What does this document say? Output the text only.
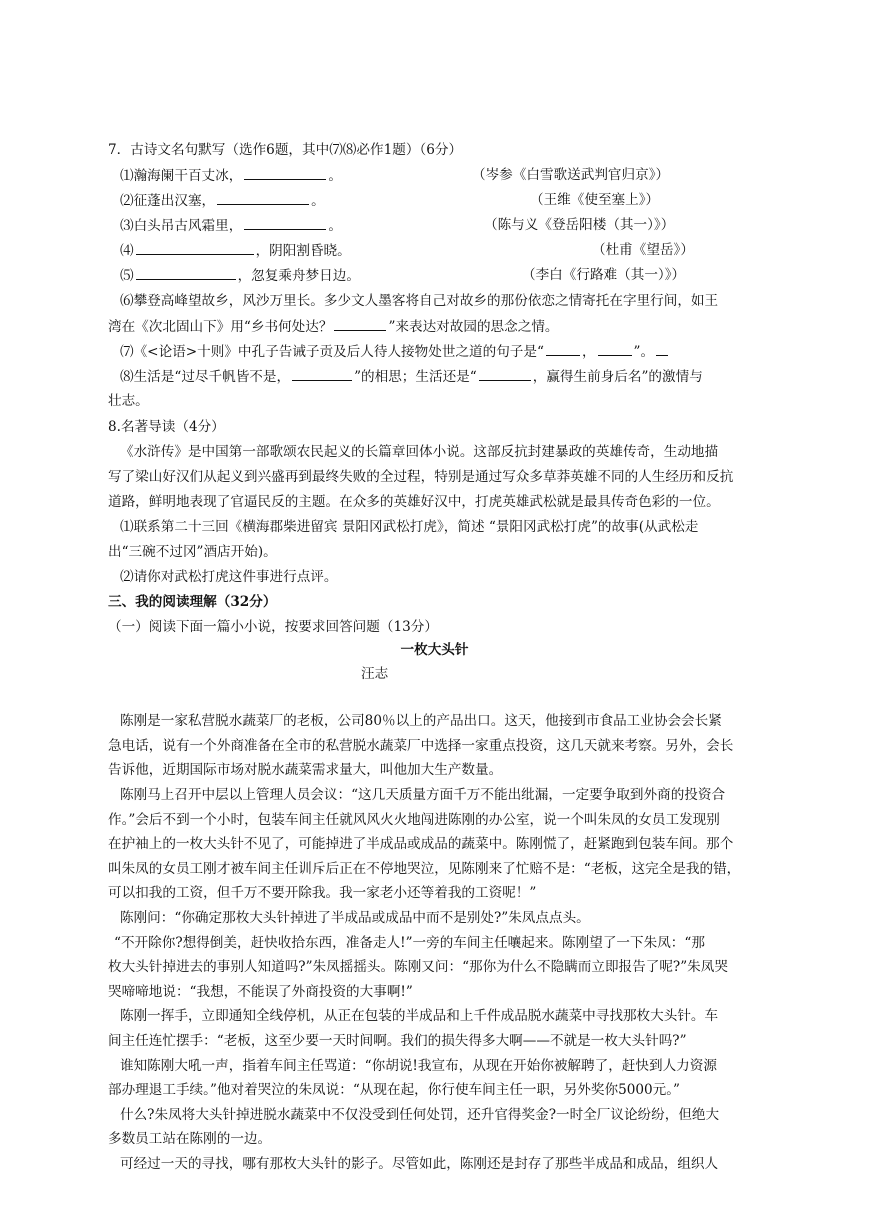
7．古诗文名句默写（选作6题，其中⑺⑻必作1题）（6分）
⑴瀚海阑干百丈冰，	。	（岑参《白雪歌送武判官归京》）
⑵征蓬出汉塞，	。	（王维《使至塞上》）
⑶白头吊古风霜里，	。	（陈与义《登岳阳楼（其一）》）
⑷	，阴阳割昏晓。	（杜甫《望岳》）
⑸	，忽复乘舟梦日边。	（李白《行路难（其一）》）
⑹攀登高峰望故乡，风沙万里长。多少文人墨客将自己对故乡的那份依恋之情寄托在字里行间，如王
湾在《次北固山下》用“乡书何处达？	”来表达对故园的思念之情。
⑺《<论语>十则》中孔子告诫子贡及后人待人接物处世之道的句子是“	，	”。
⑻生活是“过尽千帆皆不是，	”的相思；生活还是“	，赢得生前身后名”的激情与
壮志。
8.名著导读（4分）
《水浒传》是中国第一部歌颂农民起义的长篇章回体小说。这部反抗封建暴政的英雄传奇，生动地描
写了梁山好汉们从起义到兴盛再到最终失败的全过程，特别是通过写众多草莽英雄不同的人生经历和反抗
道路，鲜明地表现了官逼民反的主题。在众多的英雄好汉中，打虎英雄武松就是最具传奇色彩的一位。
⑴联系第二十三回《横海郡柴进留宾 景阳冈武松打虎》，简述 “景阳冈武松打虎”的故事(从武松走
出“三碗不过冈”酒店开始)。
⑵请你对武松打虎这件事进行点评。
三、我的阅读理解（32分）
（一）阅读下面一篇小小说，按要求回答问题（13分）
一枚大头针
汪志
陈刚是一家私营脱水蔬菜厂的老板，公司80％以上的产品出口。这天，他接到市食品工业协会会长紧
急电话，说有一个外商准备在全市的私营脱水蔬菜厂中选择一家重点投资，这几天就来考察。另外，会长
告诉他，近期国际市场对脱水蔬菜需求量大，叫他加大生产数量。
陈刚马上召开中层以上管理人员会议：“这几天质量方面千万不能出纰漏，一定要争取到外商的投资合
作。”会后不到一个小时，包装车间主任就风风火火地闯进陈刚的办公室，说一个叫朱凤的女员工发现别
在护袖上的一枚大头针不见了，可能掉进了半成品或成品的蔬菜中。陈刚慌了，赶紧跑到包装车间。那个
叫朱凤的女员工刚才被车间主任训斥后正在不停地哭泣，见陈刚来了忙赔不是：“老板，这完全是我的错，
可以扣我的工资，但千万不要开除我。我一家老小还等着我的工资呢！”
陈刚问：“你确定那枚大头针掉进了半成品或成品中而不是别处?”朱凤点点头。
“不开除你?想得倒美，赶快收拾东西，准备走人!”一旁的车间主任嚷起来。陈刚望了一下朱凤：“那
枚大头针掉进去的事别人知道吗?”朱凤摇摇头。陈刚又问：“那你为什么不隐瞒而立即报告了呢?”朱凤哭
哭啼啼地说：“我想，不能误了外商投资的大事啊!”
陈刚一挥手，立即通知全线停机，从正在包装的半成品和上千件成品脱水蔬菜中寻找那枚大头针。车
间主任连忙摆手：“老板，这至少要一天时间啊。我们的损失得多大啊——不就是一枚大头针吗?”
谁知陈刚大吼一声，指着车间主任骂道：“你胡说!我宣布，从现在开始你被解聘了，赶快到人力资源
部办理退工手续。”他对着哭泣的朱凤说：“从现在起，你行使车间主任一职，另外奖你5000元。”
什么?朱凤将大头针掉进脱水蔬菜中不仅没受到任何处罚，还升官得奖金?一时全厂议论纷纷，但绝大
多数员工站在陈刚的一边。
可经过一天的寻找，哪有那枚大头针的影子。尽管如此，陈刚还是封存了那些半成品和成品，组织人
